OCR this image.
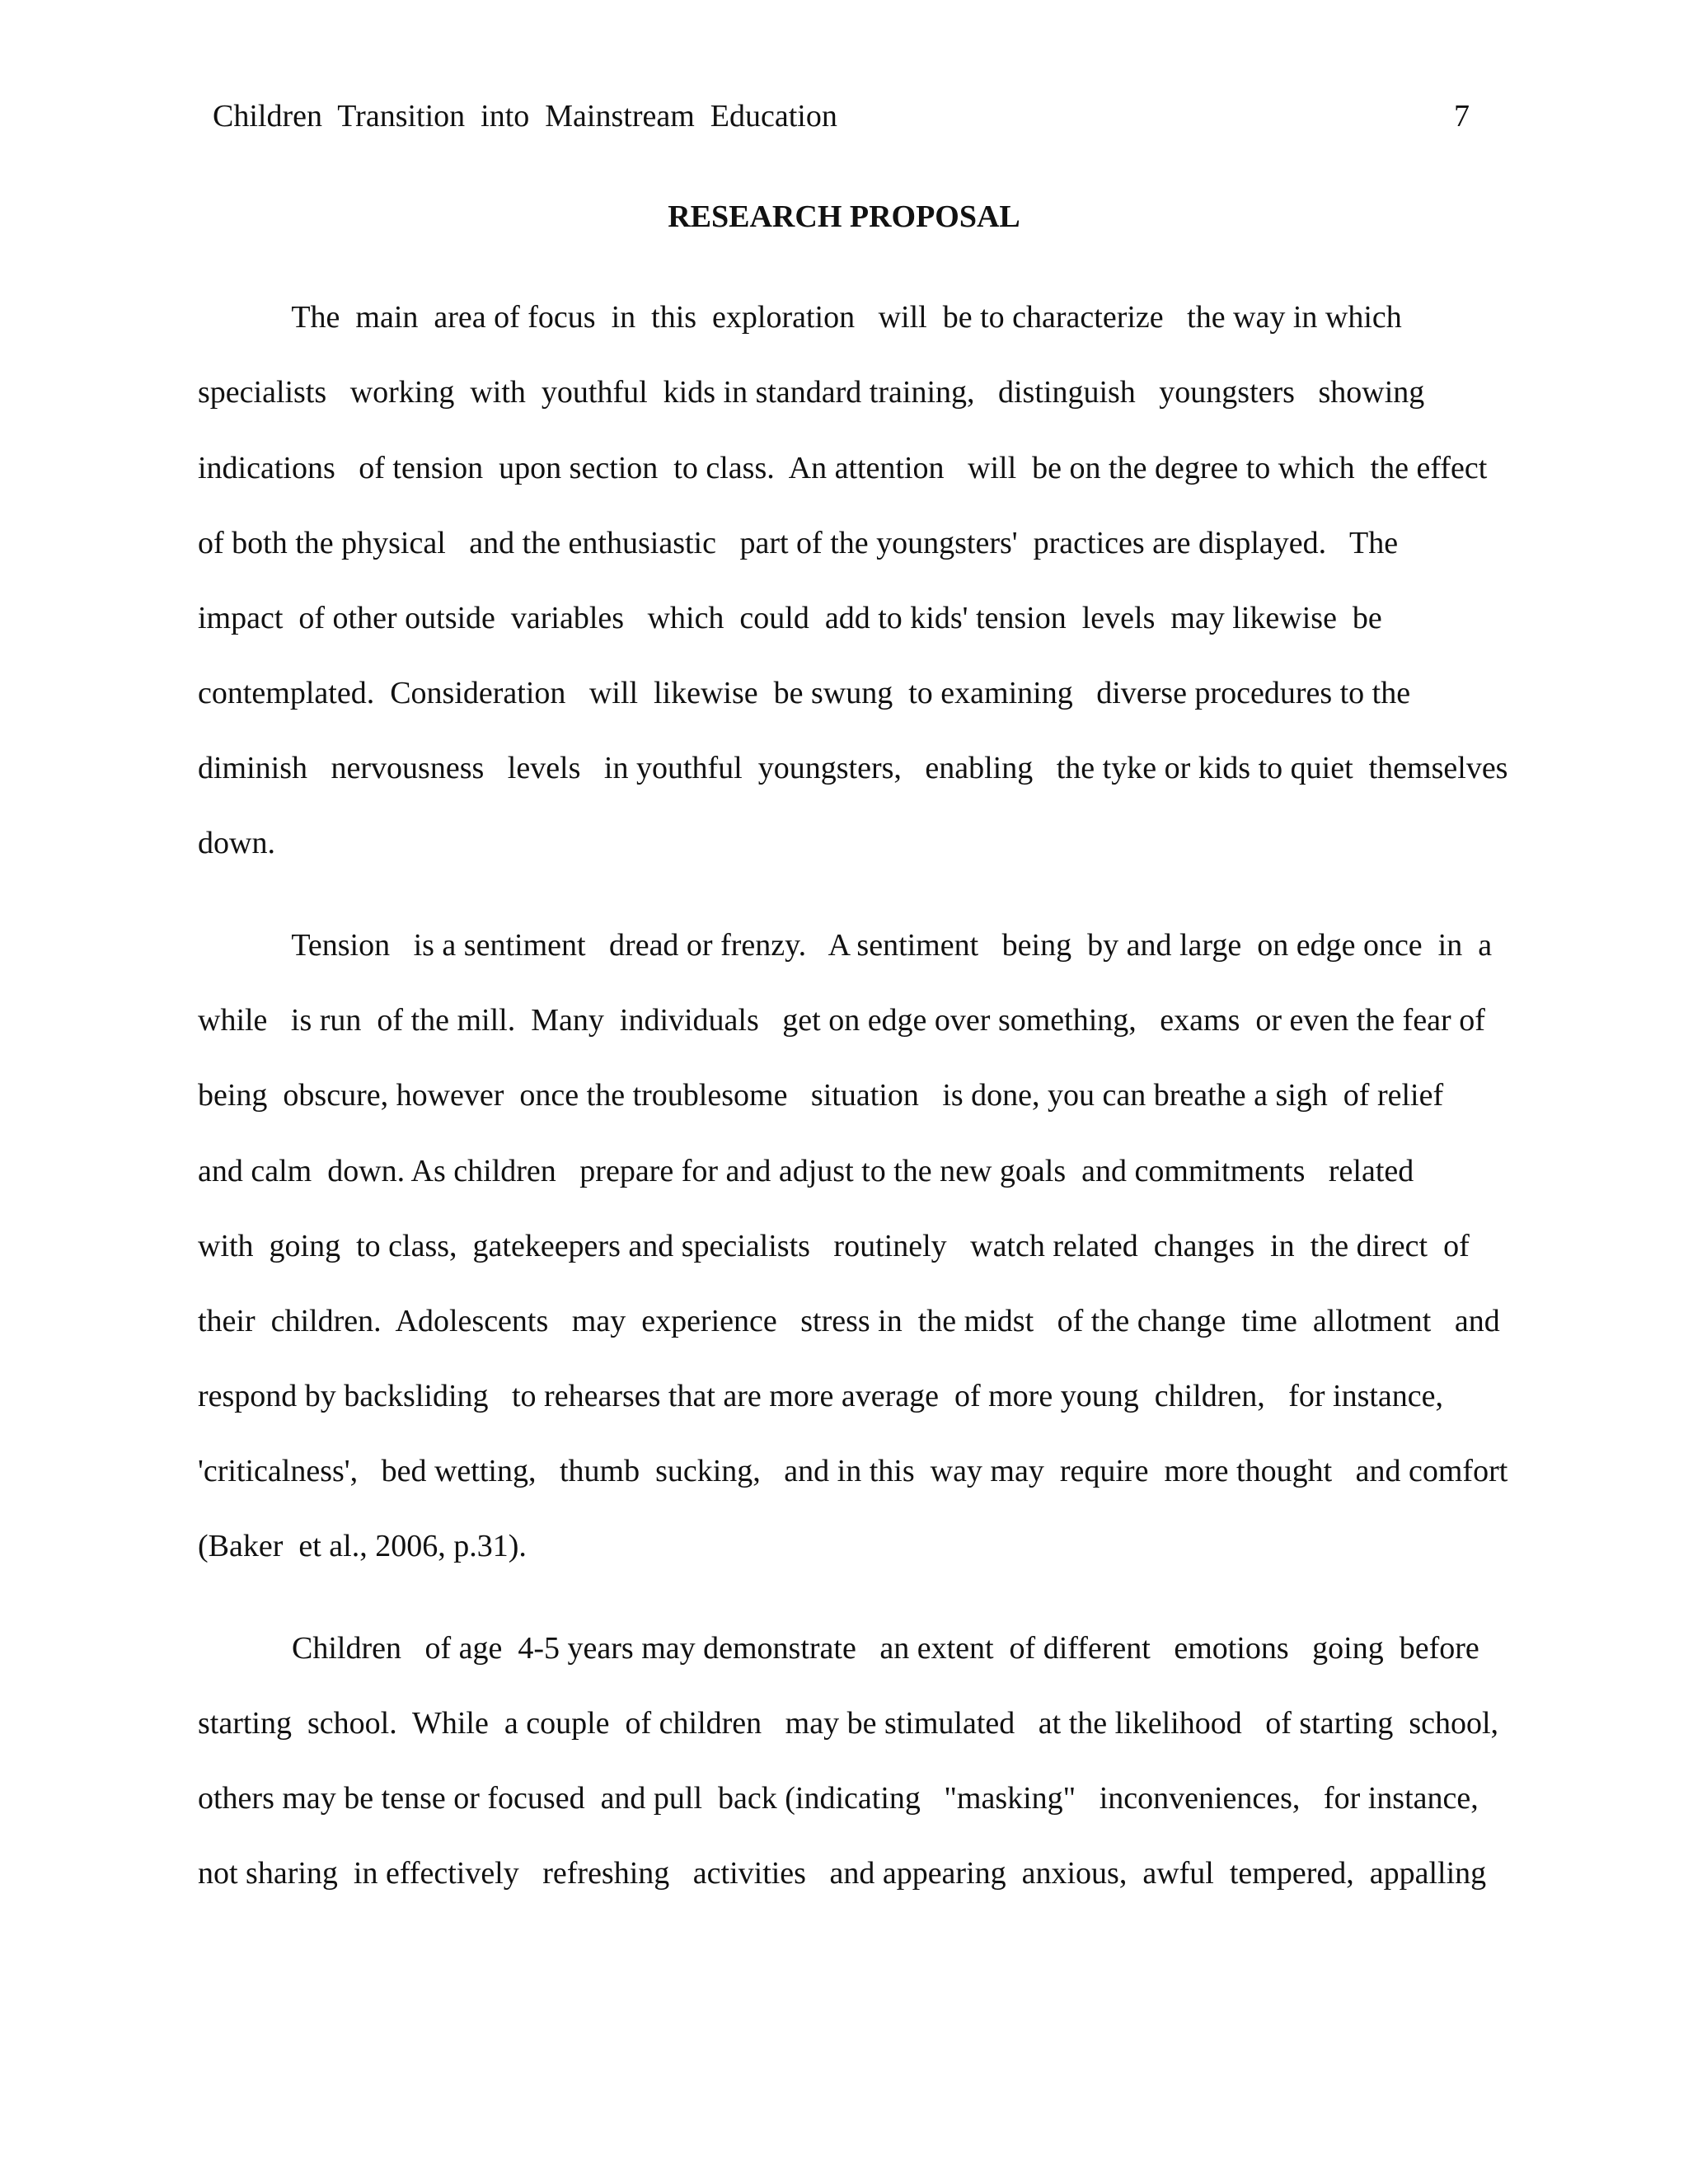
Children  Transition  into  Mainstream  Education	7
RESEARCH PROPOSAL
The  main  area of focus  in  this  exploration   will  be to characterize   the way in which
specialists   working  with  youthful  kids in standard training,   distinguish   youngsters   showing
indications   of tension  upon section  to class.  An attention   will  be on the degree to which  the effect
of both the physical   and the enthusiastic   part of the youngsters'  practices are displayed.   The
impact  of other outside  variables   which  could  add to kids' tension  levels  may likewise  be
contemplated.  Consideration   will  likewise  be swung  to examining   diverse procedures to the
diminish   nervousness   levels   in youthful  youngsters,   enabling   the tyke or kids to quiet  themselves
down.
Tension   is a sentiment   dread or frenzy.   A sentiment   being  by and large  on edge once  in  a
while   is run  of the mill.  Many  individuals   get on edge over something,   exams  or even the fear of
being  obscure, however  once the troublesome   situation   is done, you can breathe a sigh  of relief
and calm  down. As children   prepare for and adjust to the new goals  and commitments   related
with  going  to class,  gatekeepers and specialists   routinely   watch related  changes  in  the direct  of
their  children.  Adolescents   may  experience   stress in  the midst   of the change  time  allotment   and
respond by backsliding   to rehearses that are more average  of more young  children,   for instance,
'criticalness',   bed wetting,   thumb  sucking,   and in this  way may  require  more thought   and comfort
(Baker  et al., 2006, p.31).
Children   of age  4-5 years may demonstrate   an extent  of different   emotions   going  before
starting  school.  While  a couple  of children   may be stimulated   at the likelihood   of starting  school,
others may be tense or focused  and pull  back (indicating   "masking"   inconveniences,   for instance,
not sharing  in effectively   refreshing   activities   and appearing  anxious,  awful  tempered,  appalling
